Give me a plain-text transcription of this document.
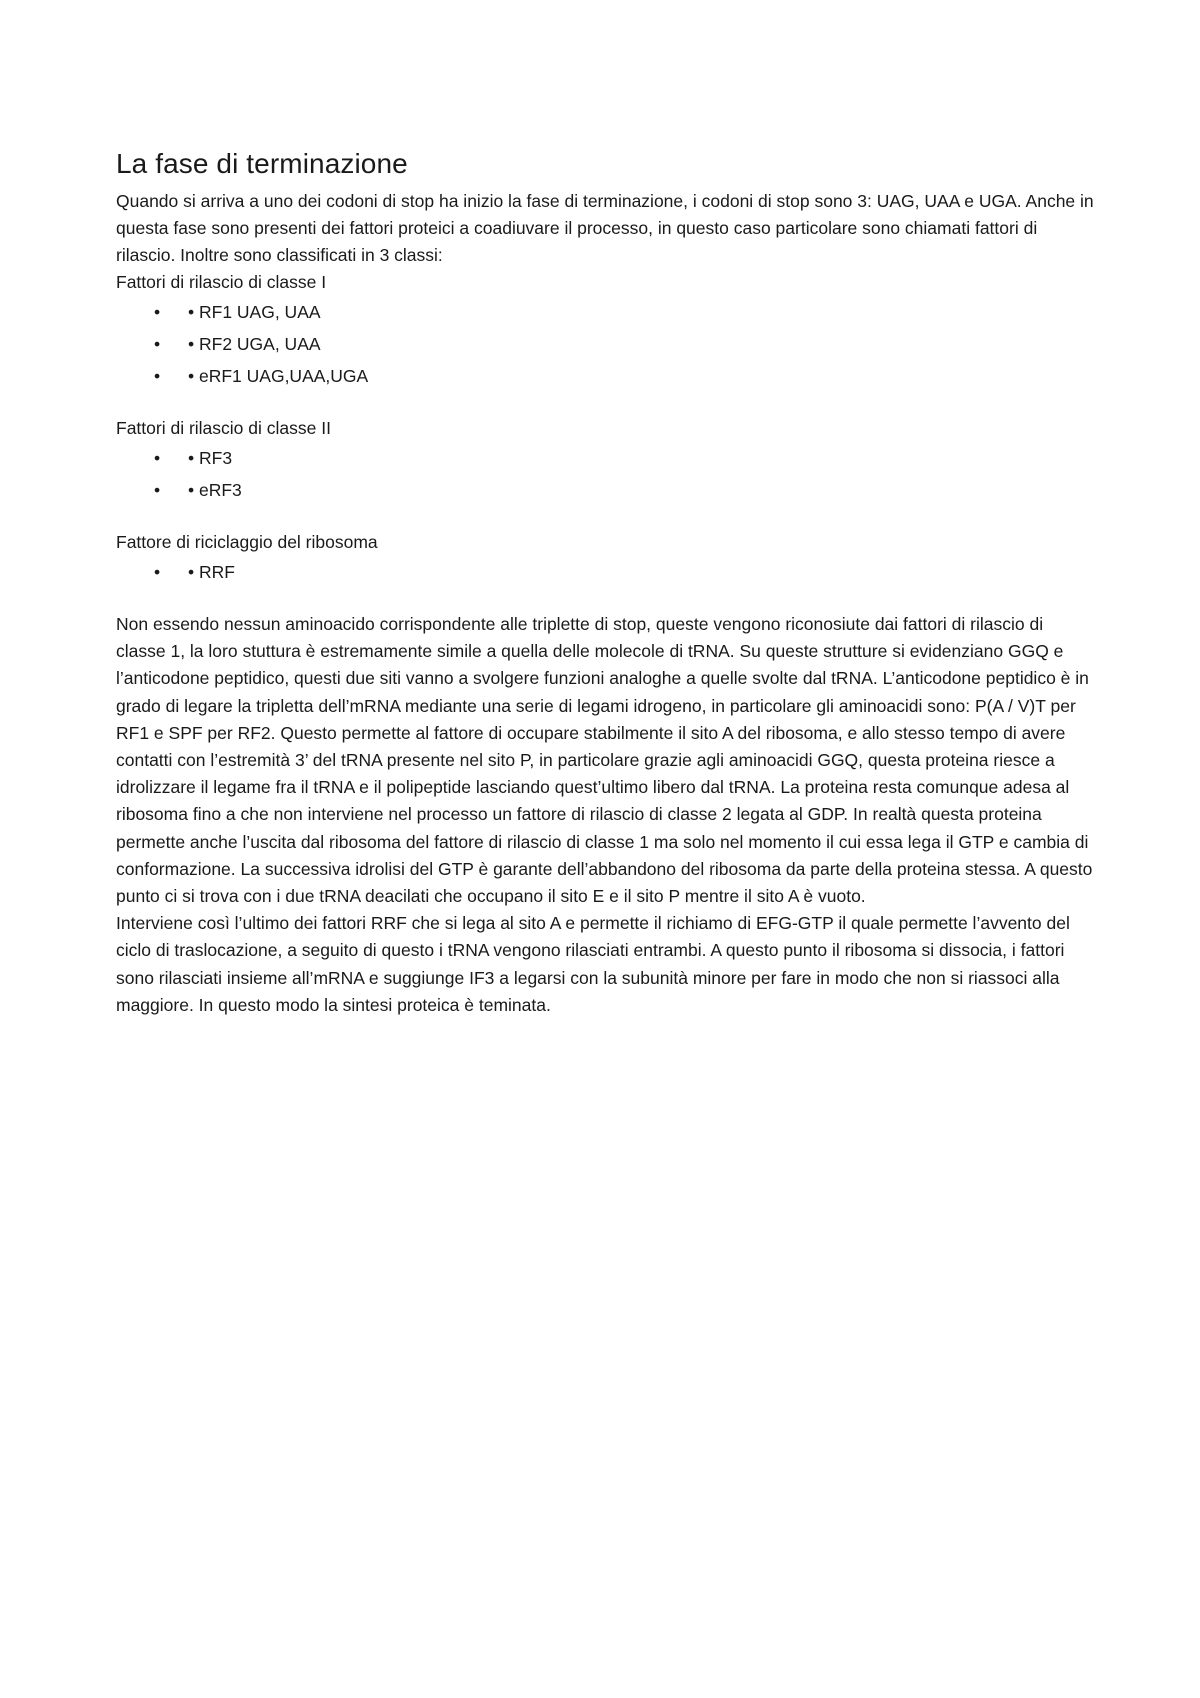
La fase di terminazione

Quando si arriva a uno dei codoni di stop ha inizio la fase di terminazione, i codoni di stop sono 3: UAG, UAA e UGA. Anche in questa fase sono presenti dei fattori proteici a coadiuvare il processo, in questo caso particolare sono chiamati fattori di rilascio. Inoltre sono classificati in 3 classi:

Fattori di rilascio di classe I

• • RF1 UAG, UAA
• • RF2 UGA, UAA
• • eRF1 UAG,UAA,UGA

Fattori di rilascio di classe II

• • RF3
• • eRF3

Fattore di riciclaggio del ribosoma

• • RRF

Non essendo nessun aminoacido corrispondente alle triplette di stop, queste vengono riconosiute dai fattori di rilascio di classe 1, la loro stuttura è estremamente simile a quella delle molecole di tRNA. Su queste strutture si evidenziano GGQ e l’anticodone peptidico, questi due siti vanno a svolgere funzioni analoghe a quelle svolte dal tRNA. L’anticodone peptidico è in grado di legare la tripletta dell’mRNA mediante una serie di legami idrogeno, in particolare gli aminoacidi sono: P(A / V)T per RF1 e SPF per RF2. Questo permette al fattore di occupare stabilmente il sito A del ribosoma, e allo stesso tempo di avere contatti con l’estremità 3’ del tRNA presente nel sito P, in particolare grazie agli aminoacidi GGQ, questa proteina riesce a idrolizzare il legame fra il tRNA e il polipeptide lasciando quest’ultimo libero dal tRNA. La proteina resta comunque adesa al ribosoma fino a che non interviene nel processo un fattore di rilascio di classe 2 legata al GDP. In realtà questa proteina permette anche l’uscita dal ribosoma del fattore di rilascio di classe 1 ma solo nel momento il cui essa lega il GTP e cambia di conformazione. La successiva idrolisi del GTP è garante dell’abbandono del ribosoma da parte della proteina stessa. A questo punto ci si trova con i due tRNA deacilati che occupano il sito E e il sito P mentre il sito A è vuoto.

Interviene così l’ultimo dei fattori RRF che si lega al sito A e permette il richiamo di EFG-GTP il quale permette l’avvento del ciclo di traslocazione, a seguito di questo i tRNA vengono rilasciati entrambi. A questo punto il ribosoma si dissocia, i fattori sono rilasciati insieme all’mRNA e suggiunge IF3 a legarsi con la subunità minore per fare in modo che non si riassoci alla maggiore. In questo modo la sintesi proteica è teminata.
